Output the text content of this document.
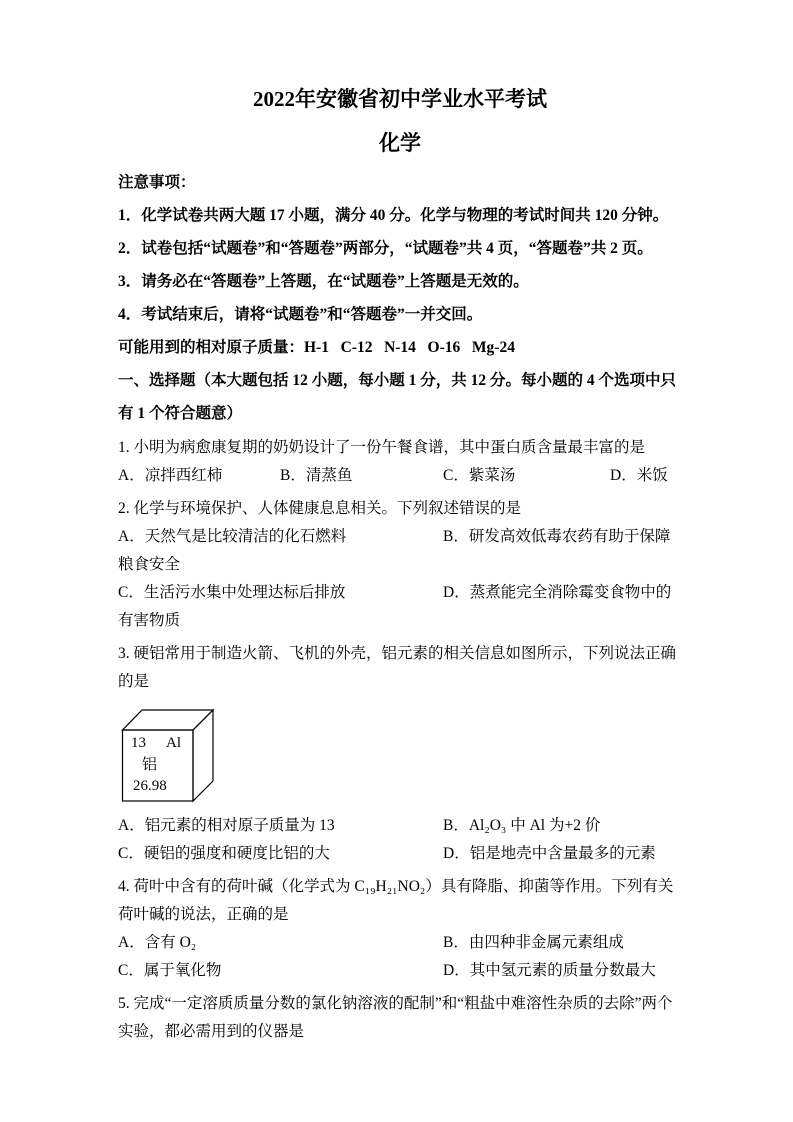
2022年安徽省初中学业水平考试
化学
注意事项：
1．化学试卷共两大题 17 小题，满分 40 分。化学与物理的考试时间共 120 分钟。
2．试卷包括“试题卷”和“答题卷”两部分，“试题卷”共 4 页，“答题卷”共 2 页。
3．请务必在“答题卷”上答题，在“试题卷”上答题是无效的。
4．考试结束后，请将“试题卷”和“答题卷”一并交回。
可能用到的相对原子质量：H-1   C-12   N-14   O-16   Mg-24
一、选择题（本大题包括 12 小题，每小题 1 分，共 12 分。每小题的 4 个选项中只有 1 个符合题意）
1. 小明为病愈康复期的奶奶设计了一份午餐食谱，其中蛋白质含量最丰富的是
A．凉拌西红柿	B．清蒸鱼	C．紫菜汤	D．米饭
2. 化学与环境保护、人体健康息息相关。下列叙述错误的是
A．天然气是比较清洁的化石燃料	B．研发高效低毒农药有助于保障粮食安全
C．生活污水集中处理达标后排放	D．蒸煮能完全消除霉变食物中的有害物质
3. 硬铝常用于制造火箭、飞机的外壳，铝元素的相关信息如图所示，下列说法正确的是
13 Al
铝
26.98
A．铝元素的相对原子质量为 13	B．Al₂O₃ 中 Al 为+2 价
C．硬铝的强度和硬度比铝的大	D．铝是地壳中含量最多的元素
4. 荷叶中含有的荷叶碱（化学式为 C₁₉H₂₁NO₂）具有降脂、抑菌等作用。下列有关荷叶碱的说法，正确的是
A．含有 O₂	B．由四种非金属元素组成
C．属于氧化物	D．其中氢元素的质量分数最大
5. 完成“一定溶质质量分数的氯化钠溶液的配制”和“粗盐中难溶性杂质的去除”两个实验，都必需用到的仪器是
